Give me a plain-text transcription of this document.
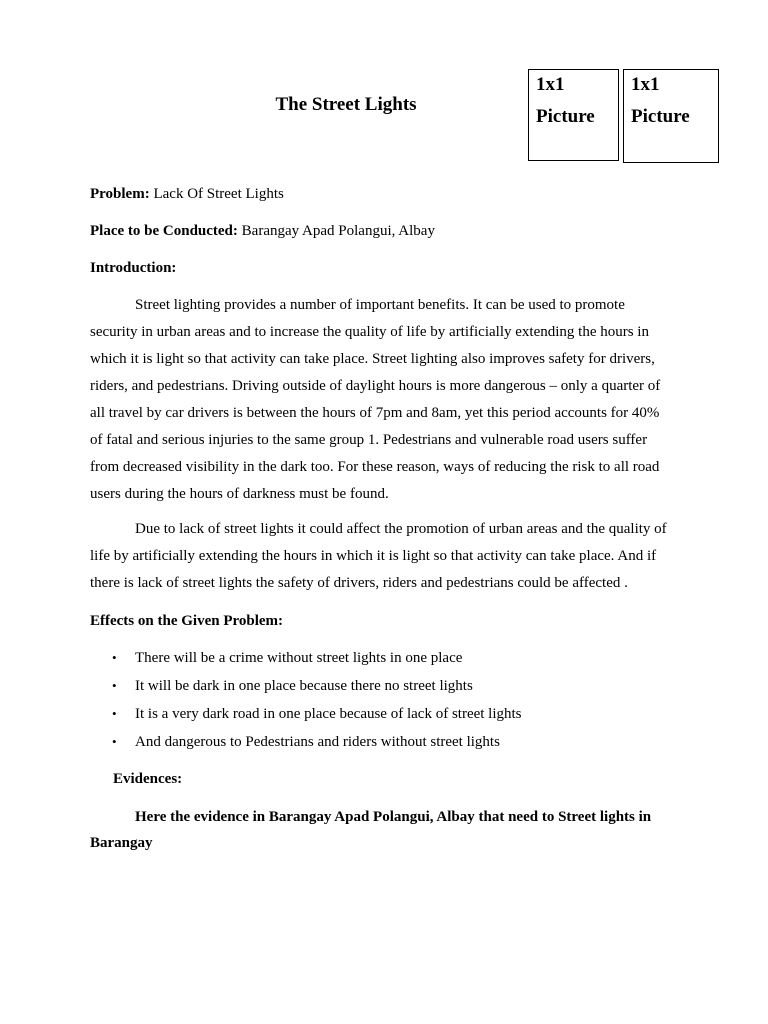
The Street Lights
1x1
Picture
1x1
Picture
Problem: Lack Of Street Lights
Place to be Conducted: Barangay Apad Polangui, Albay
Introduction:

Street lighting provides a number of important benefits. It can be used to promote security in urban areas and to increase the quality of life by artificially extending the hours in which it is light so that activity can take place. Street lighting also improves safety for drivers, riders, and pedestrians. Driving outside of daylight hours is more dangerous – only a quarter of all travel by car drivers is between the hours of 7pm and 8am, yet this period accounts for 40% of fatal and serious injuries to the same group 1. Pedestrians and vulnerable road users suffer from decreased visibility in the dark too. For these reason, ways of reducing the risk to all road users during the hours of darkness must be found.

Due to lack of street lights it could affect the promotion of urban areas and the quality of life by artificially extending the hours in which it is light so that activity can take place. And if there is lack of street lights the safety of drivers, riders and pedestrians could be affected .

Effects on the Given Problem:
• There will be a crime without street lights in one place
• It will be dark in one place because there no street lights
• It is a very dark road in one place because of lack of street lights
• And dangerous to Pedestrians and riders without street lights
Evidences:

Here the evidence in Barangay Apad Polangui, Albay that need to Street lights in Barangay
